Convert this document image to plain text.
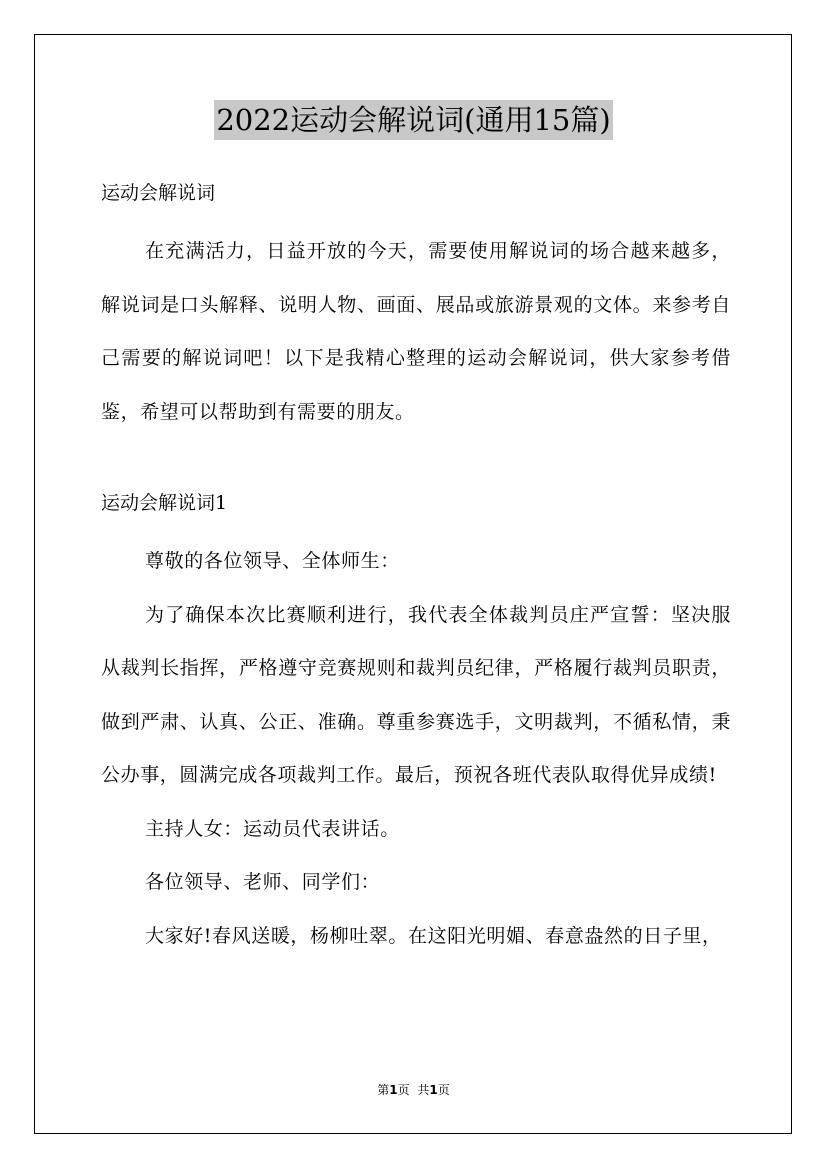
2022运动会解说词(通用15篇)
运动会解说词
在充满活力，日益开放的今天，需要使用解说词的场合越来越多，解说词是口头解释、说明人物、画面、展品或旅游景观的文体。来参考自己需要的解说词吧！以下是我精心整理的运动会解说词，供大家参考借鉴，希望可以帮助到有需要的朋友。
运动会解说词1
尊敬的各位领导、全体师生：
为了确保本次比赛顺利进行，我代表全体裁判员庄严宣誓：坚决服从裁判长指挥，严格遵守竞赛规则和裁判员纪律，严格履行裁判员职责，做到严肃、认真、公正、准确。尊重参赛选手，文明裁判，不循私情，秉公办事，圆满完成各项裁判工作。最后，预祝各班代表队取得优异成绩!
主持人女：运动员代表讲话。
各位领导、老师、同学们：
大家好!春风送暖，杨柳吐翠。在这阳光明媚、春意盎然的日子里，
第1页 共1页
